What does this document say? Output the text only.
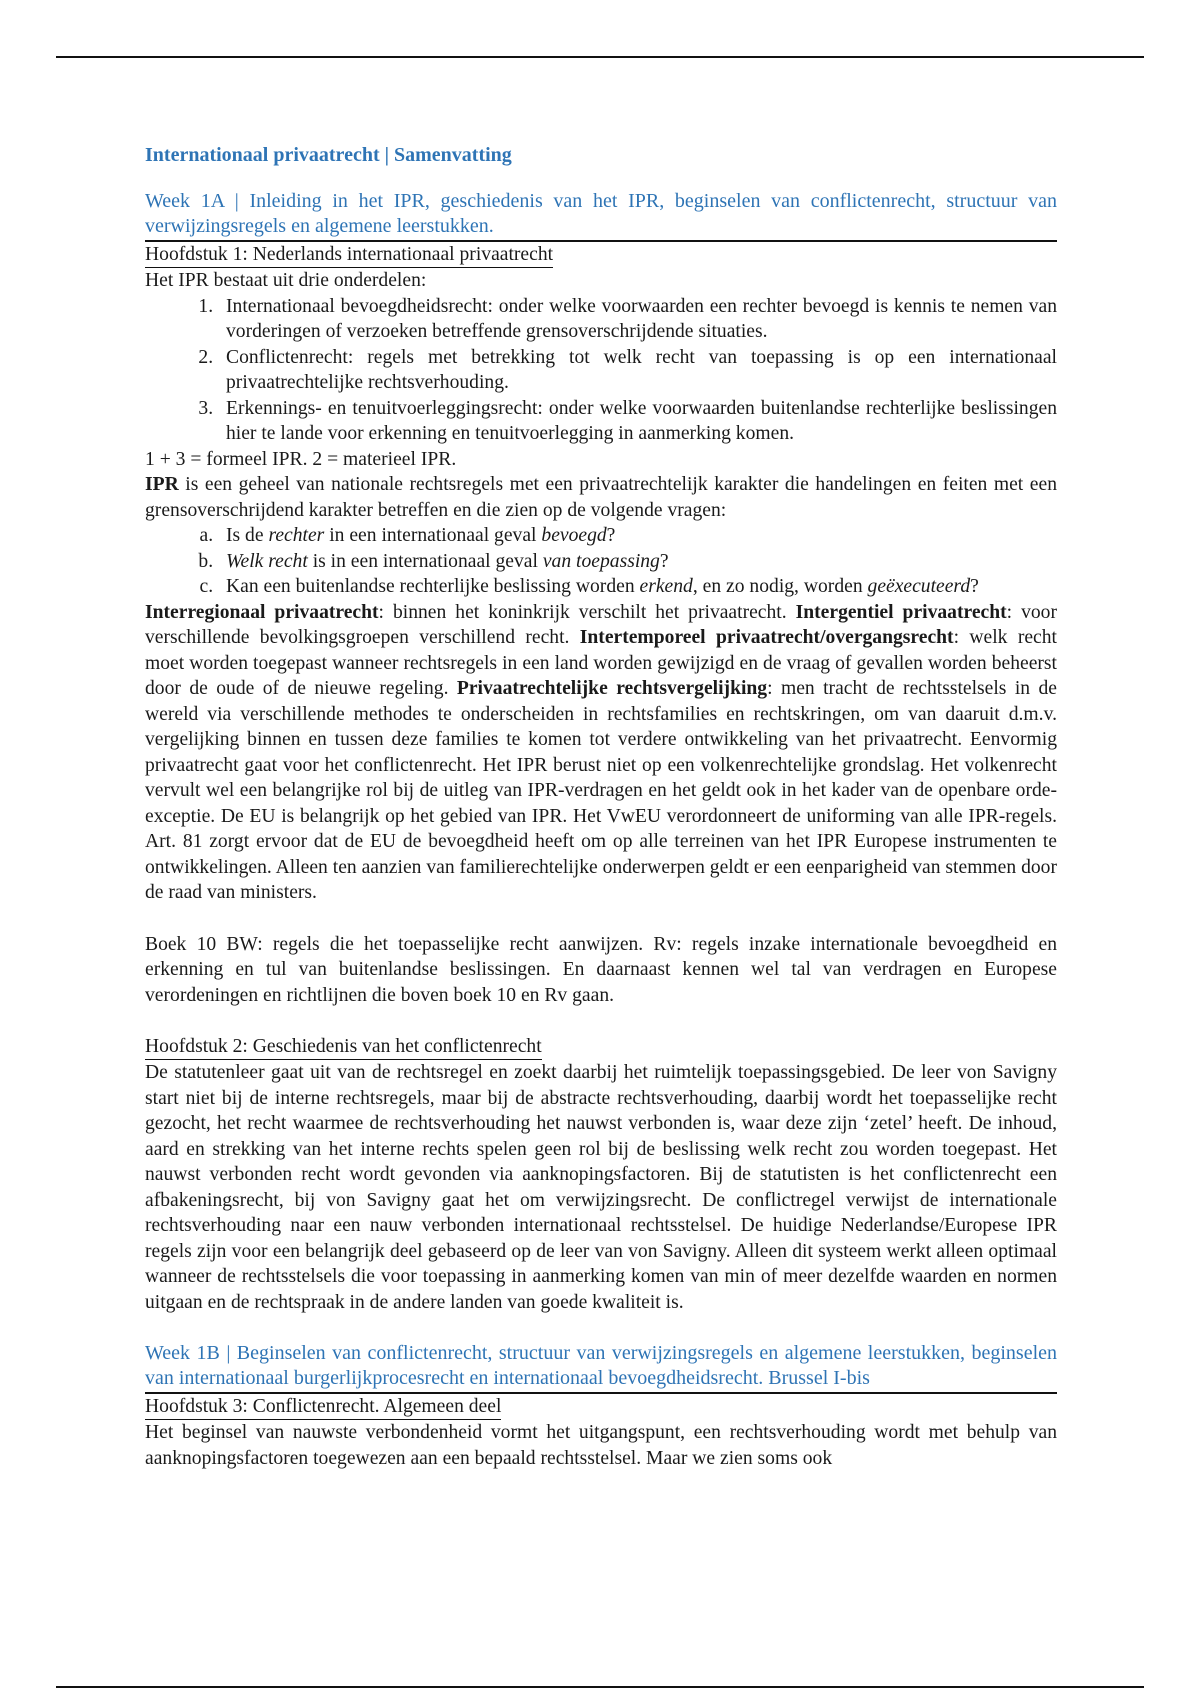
Internationaal privaatrecht | Samenvatting
Week 1A | Inleiding in het IPR, geschiedenis van het IPR, beginselen van conflictenrecht, structuur van verwijzingsregels en algemene leerstukken.
Hoofdstuk 1: Nederlands internationaal privaatrecht

Het IPR bestaat uit drie onderdelen:

1. Internationaal bevoegdheidsrecht: onder welke voorwaarden een rechter bevoegd is kennis te nemen van vorderingen of verzoeken betreffende grensoverschrijdende situaties.
2. Conflictenrecht: regels met betrekking tot welk recht van toepassing is op een internationaal privaatrechtelijke rechtsverhouding.
3. Erkennings- en tenuitvoerleggingsrecht: onder welke voorwaarden buitenlandse rechterlijke beslissingen hier te lande voor erkenning en tenuitvoerlegging in aanmerking komen.

1 + 3 = formeel IPR. 2 = materieel IPR.

IPR is een geheel van nationale rechtsregels met een privaatrechtelijk karakter die handelingen en feiten met een grensoverschrijdend karakter betreffen en die zien op de volgende vragen:

a. Is de rechter in een internationaal geval bevoegd?
b. Welk recht is in een internationaal geval van toepassing?
c. Kan een buitenlandse rechterlijke beslissing worden erkend, en zo nodig, worden geëxecuteerd?

Interregionaal privaatrecht: binnen het koninkrijk verschilt het privaatrecht. Intergentiel privaatrecht: voor verschillende bevolkingsgroepen verschillend recht. Intertemporeel privaatrecht/overgangsrecht: welk recht moet worden toegepast wanneer rechtsregels in een land worden gewijzigd en de vraag of gevallen worden beheerst door de oude of de nieuwe regeling. Privaatrechtelijke rechtsvergelijking: men tracht de rechtsstelsels in de wereld via verschillende methodes te onderscheiden in rechtsfamilies en rechtskringen, om van daaruit d.m.v. vergelijking binnen en tussen deze families te komen tot verdere ontwikkeling van het privaatrecht. Eenvormig privaatrecht gaat voor het conflictenrecht. Het IPR berust niet op een volkenrechtelijke grondslag. Het volkenrecht vervult wel een belangrijke rol bij de uitleg van IPR-verdragen en het geldt ook in het kader van de openbare orde-exceptie. De EU is belangrijk op het gebied van IPR. Het VwEU verordonneert de uniforming van alle IPR-regels. Art. 81 zorgt ervoor dat de EU de bevoegdheid heeft om op alle terreinen van het IPR Europese instrumenten te ontwikkelingen. Alleen ten aanzien van familierechtelijke onderwerpen geldt er een eenparigheid van stemmen door de raad van ministers.

Boek 10 BW: regels die het toepasselijke recht aanwijzen. Rv: regels inzake internationale bevoegdheid en erkenning en tul van buitenlandse beslissingen. En daarnaast kennen wel tal van verdragen en Europese verordeningen en richtlijnen die boven boek 10 en Rv gaan.

Hoofdstuk 2: Geschiedenis van het conflictenrecht

De statutenleer gaat uit van de rechtsregel en zoekt daarbij het ruimtelijk toepassingsgebied. De leer von Savigny start niet bij de interne rechtsregels, maar bij de abstracte rechtsverhouding, daarbij wordt het toepasselijke recht gezocht, het recht waarmee de rechtsverhouding het nauwst verbonden is, waar deze zijn ‘zetel’ heeft. De inhoud, aard en strekking van het interne rechts spelen geen rol bij de beslissing welk recht zou worden toegepast. Het nauwst verbonden recht wordt gevonden via aanknopingsfactoren. Bij de statutisten is het conflictenrecht een afbakeningsrecht, bij von Savigny gaat het om verwijzingsrecht. De conflictregel verwijst de internationale rechtsverhouding naar een nauw verbonden internationaal rechtsstelsel. De huidige Nederlandse/Europese IPR regels zijn voor een belangrijk deel gebaseerd op de leer van von Savigny. Alleen dit systeem werkt alleen optimaal wanneer de rechtsstelsels die voor toepassing in aanmerking komen van min of meer dezelfde waarden en normen uitgaan en de rechtspraak in de andere landen van goede kwaliteit is.

Week 1B | Beginselen van conflictenrecht, structuur van verwijzingsregels en algemene leerstukken, beginselen van internationaal burgerlijkprocesrecht en internationaal bevoegdheidsrecht. Brussel I-bis
Hoofdstuk 3: Conflictenrecht. Algemeen deel

Het beginsel van nauwste verbondenheid vormt het uitgangspunt, een rechtsverhouding wordt met behulp van aanknopingsfactoren toegewezen aan een bepaald rechtsstelsel. Maar we zien soms ook
